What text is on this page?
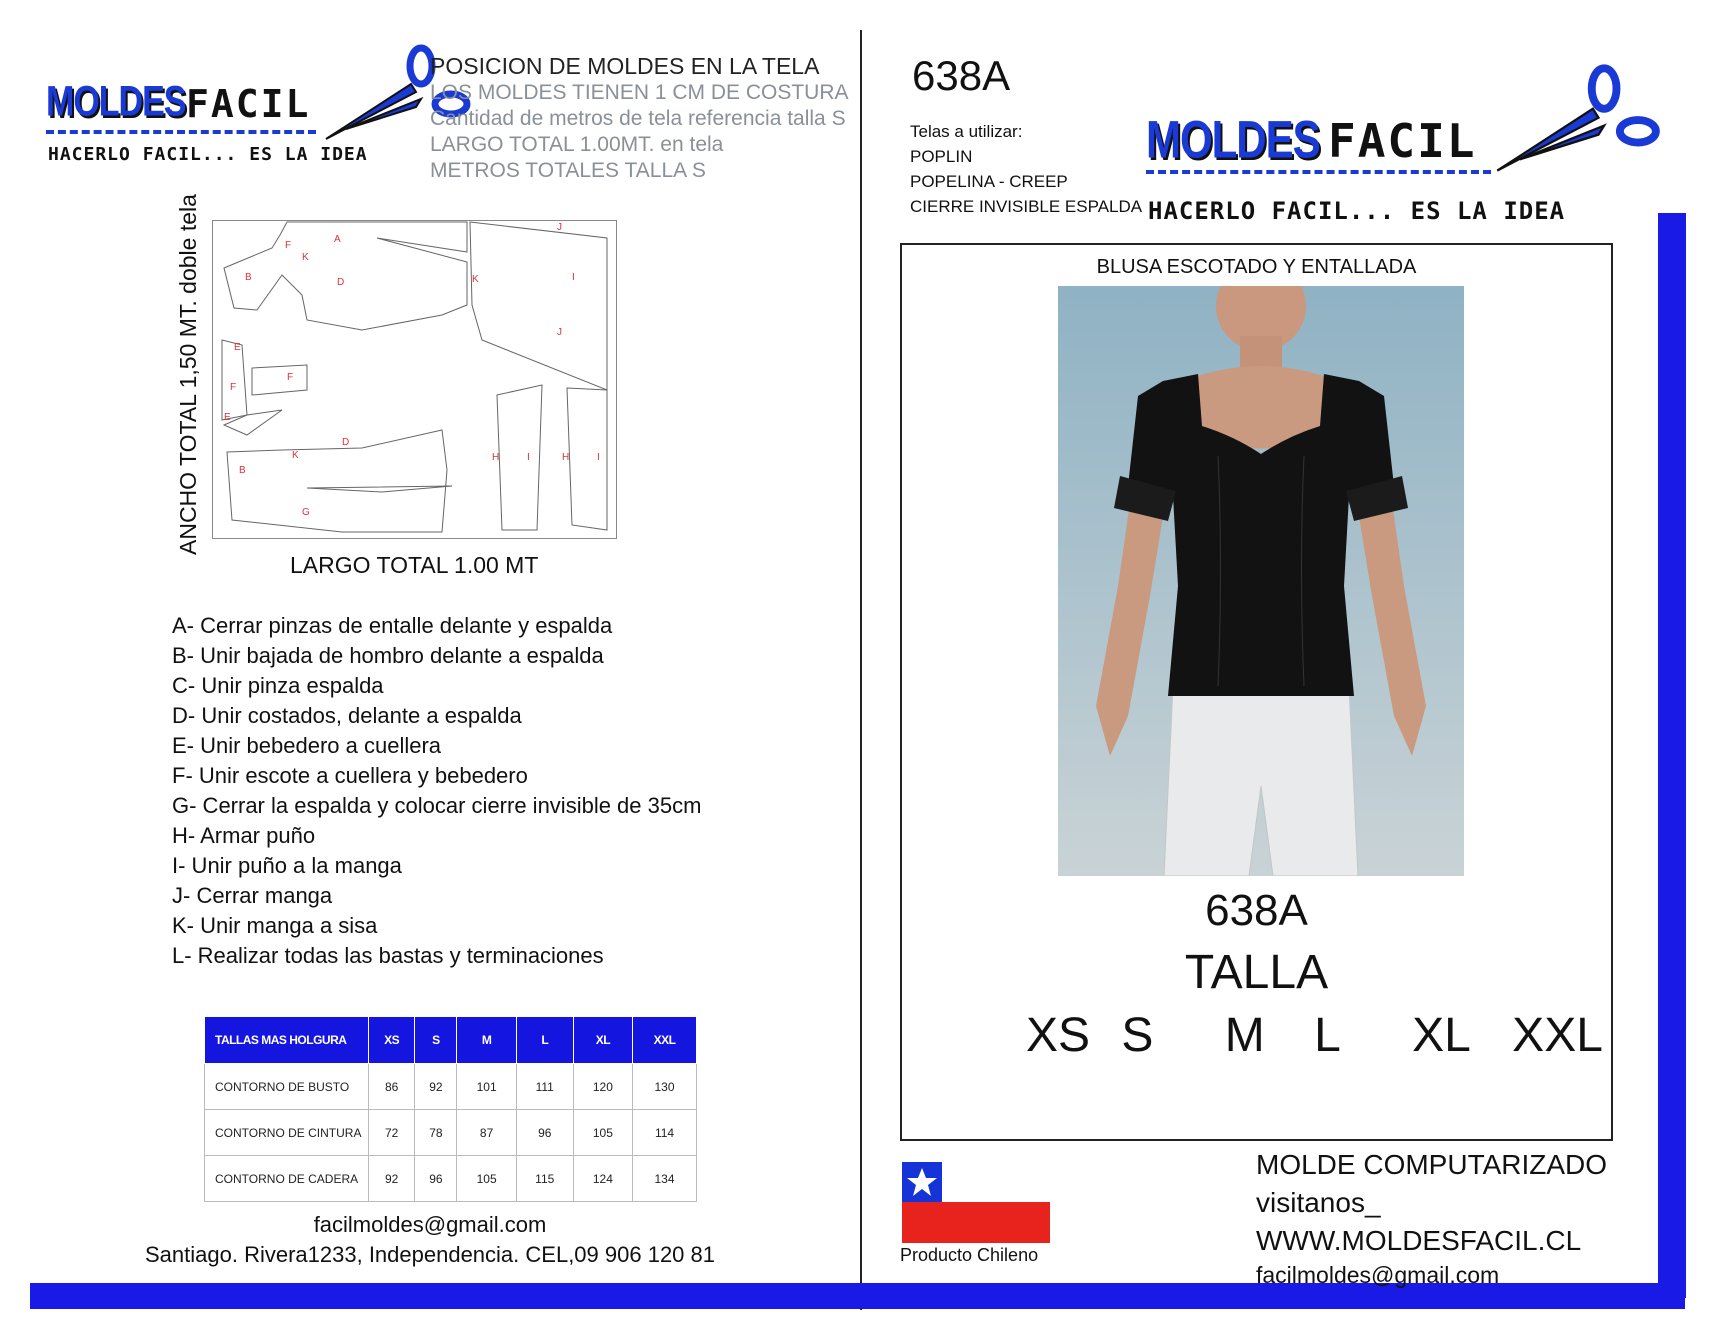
MOLDES FACIL
HACERLO FACIL... ES LA IDEA
POSICION DE MOLDES EN LA TELA
LOS MOLDES TIENEN 1 CM DE COSTURA
Cantidad de metros de tela referencia talla S
LARGO TOTAL 1.00MT. en tela
METROS TOTALES TALLA S
ANCHO TOTAL 1,50 MT. doble tela	K
F
B	D
A
K
J
I
J
E
F
F
E
B
K
D
G
H	I	H	I
LARGO TOTAL 1.00 MT
A- Cerrar pinzas de entalle delante y espalda
B- Unir bajada de hombro delante a espalda
C- Unir pinza espalda
D- Unir costados, delante a espalda
E- Unir bebedero a cuellera
F- Unir escote a cuellera y bebedero
G- Cerrar la espalda y colocar cierre invisible de 35cm
H- Armar puño
I- Unir puño a la manga
J- Cerrar manga
K- Unir manga a sisa
L- Realizar todas las bastas y terminaciones
TALLAS MAS HOLGURA	XS	S	M	L	XL	XXL
CONTORNO DE BUSTO	86	92	101	111	120	130
CONTORNO DE CINTURA	72	78	87	96	105	114
CONTORNO DE CADERA	92	96	105	115	124	134
facilmoldes@gmail.com
Santiago. Rivera1233, Independencia. CEL,09 906 120 81
638A
Telas a utilizar:
POPLIN
POPELINA - CREEP
CIERRE INVISIBLE ESPALDA
MOLDES FACIL
HACERLO FACIL... ES LA IDEA
BLUSA ESCOTADO Y ENTALLADA
638A
TALLA
XS S M L XL XXL
Producto Chileno
MOLDE COMPUTARIZADO
visitanos_
WWW.MOLDESFACIL.CL
facilmoldes@gmail.com
